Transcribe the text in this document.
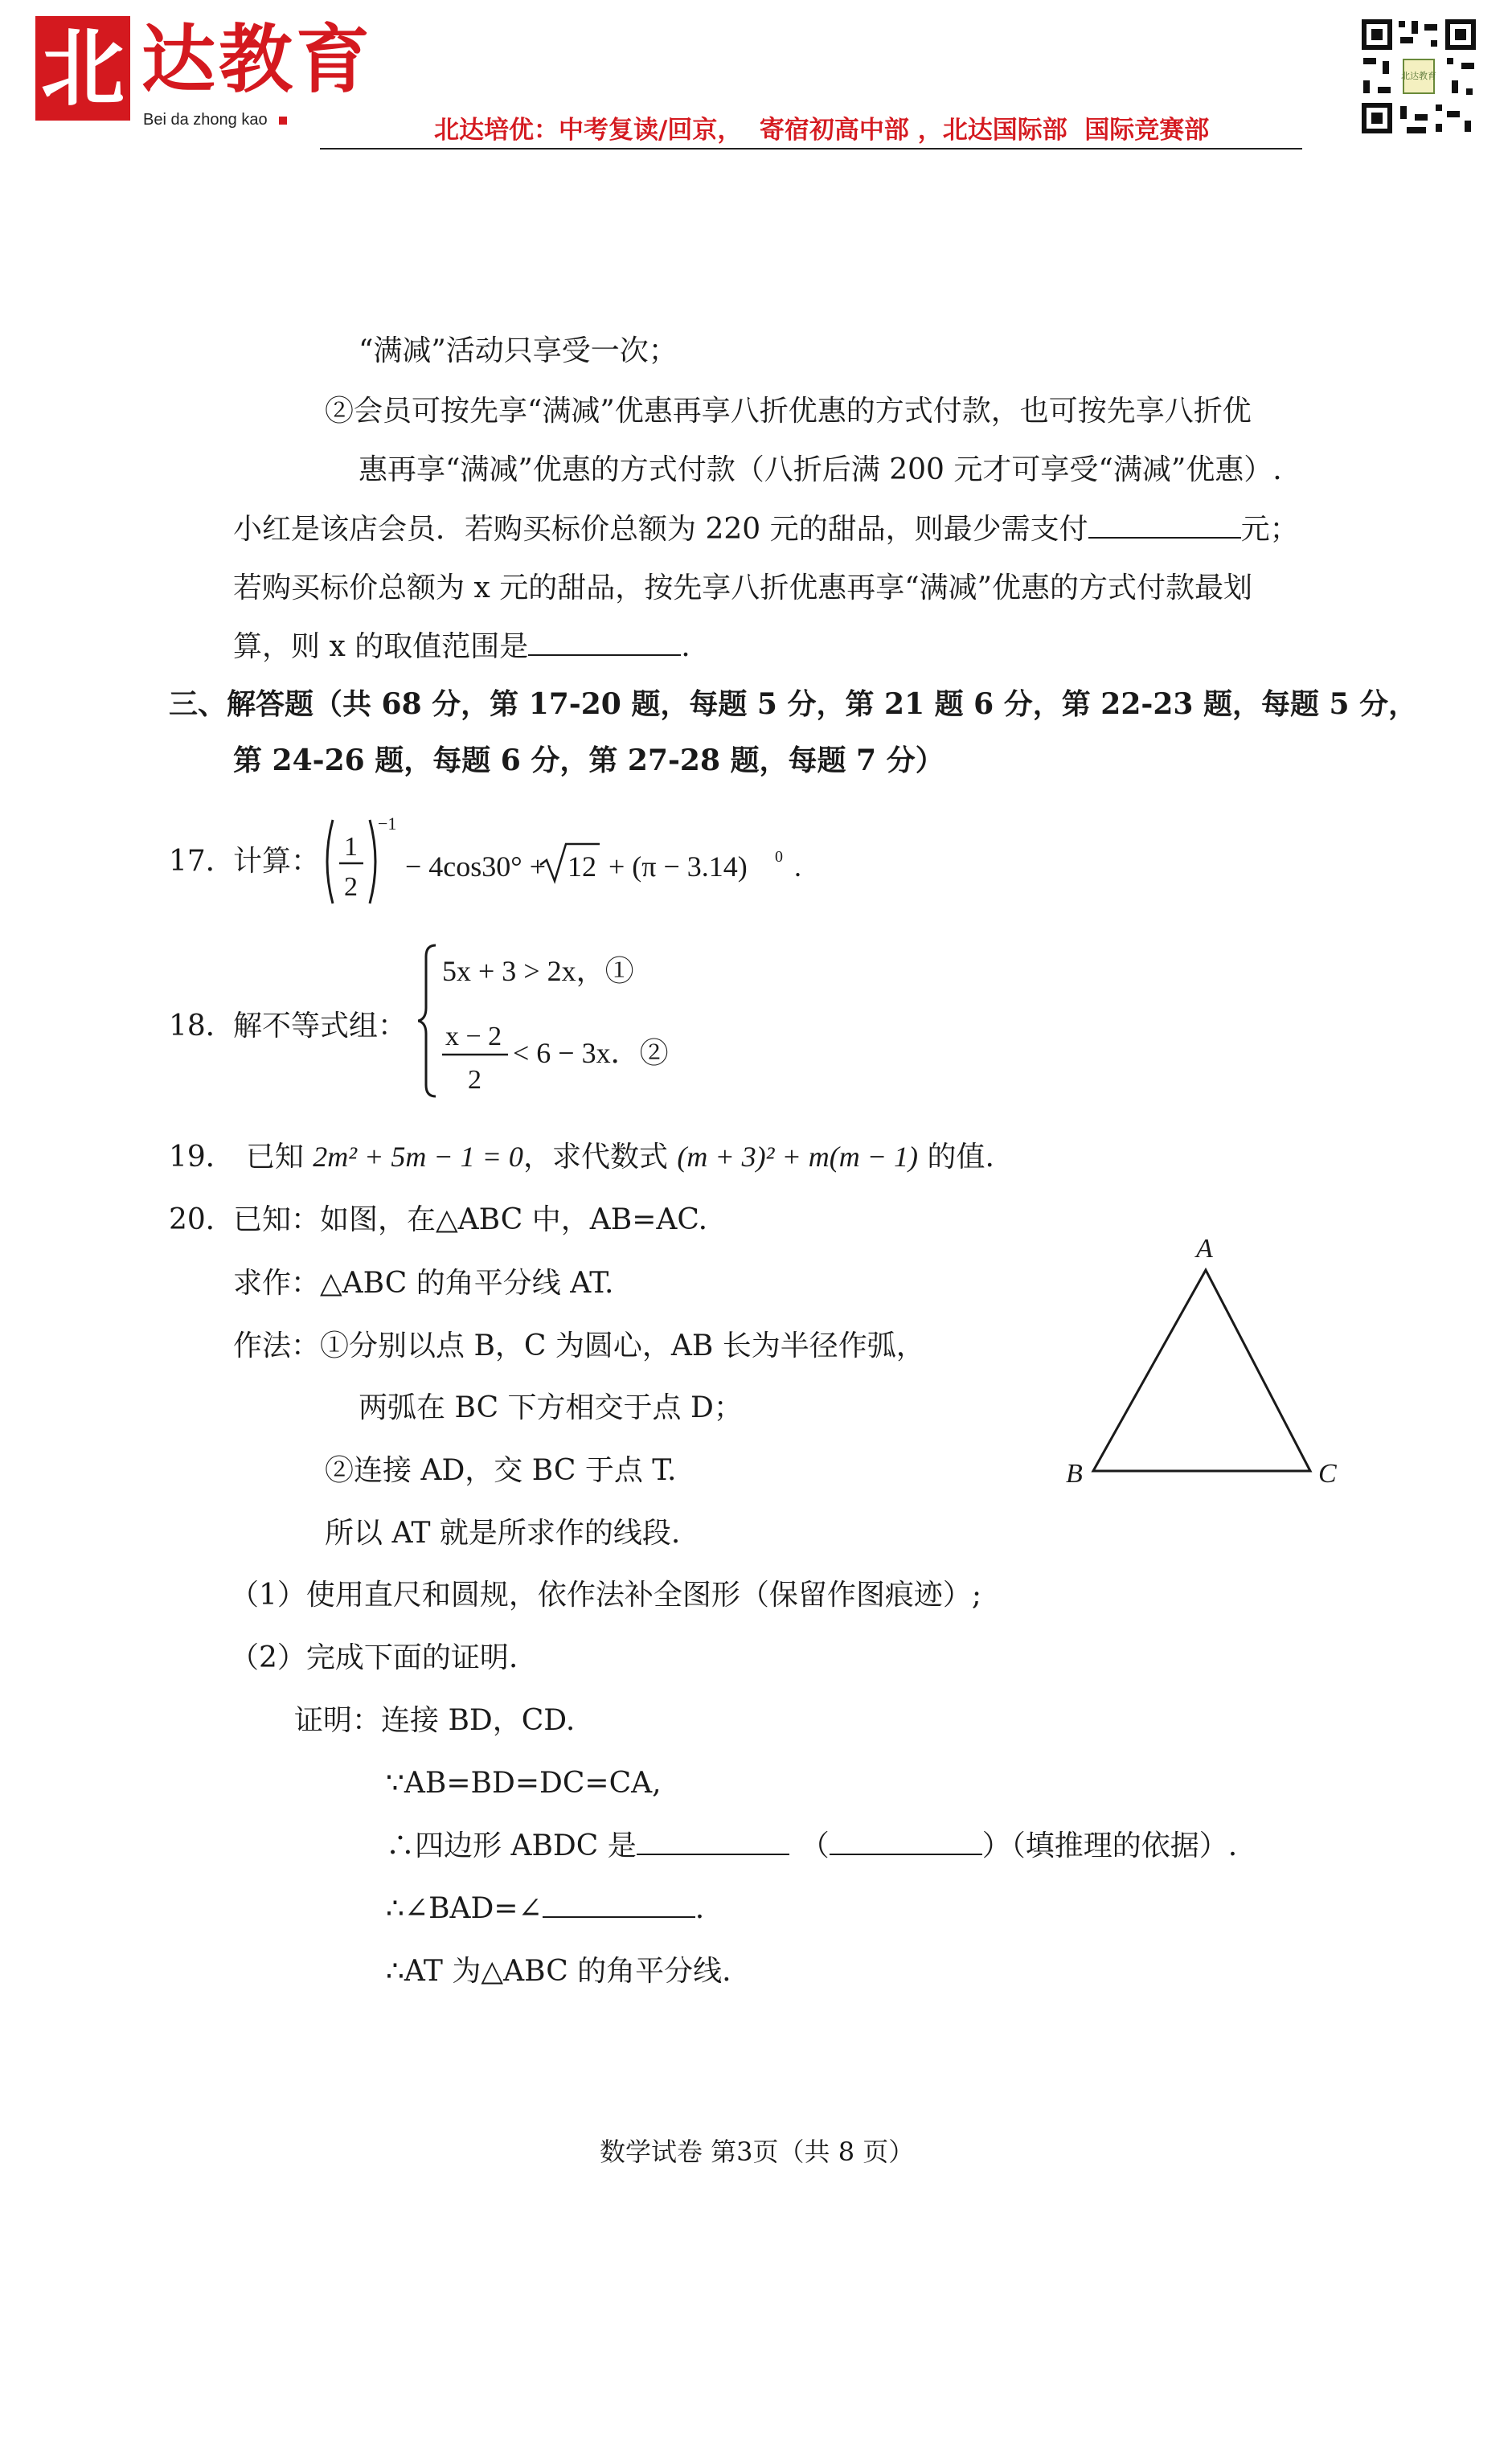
北 达教育
Bei da zhong kao	北达培优：中考复读/回京，  寄宿初高中部 ，北达国际部  国际竞赛部
北达教育
“满减”活动只享受一次；
②会员可按先享“满减”优惠再享八折优惠的方式付款，也可按先享八折优
惠再享“满减”优惠的方式付款（八折后满 200 元才可享受“满减”优惠）.
小红是该店会员．若购买标价总额为 220 元的甜品，则最少需支付	元；
若购买标价总额为 x 元的甜品，按先享八折优惠再享“满减”优惠的方式付款最划
算，则 x 的取值范围是	.
三、解答题（共 68 分，第 17-20 题，每题 5 分，第 21 题 6 分，第 22-23 题，每题 5 分，
第 24-26 题，每题 6 分，第 27-28 题，每题 7 分）
17．
计算： 1
2
−1
− 4cos30° + 12 + (π − 3.14) 0 .
18．
解不等式组：
5x + 3 > 2x，①
x − 2
2
< 6 − 3x．②
19． 已知 2m² + 5m − 1 = 0，求代数式 (m + 3)² + m(m − 1) 的值.
20．
已知：如图，在△ABC 中，AB=AC.
求作：△ABC 的角平分线 AT.
作法：①分别以点 B，C 为圆心，AB 长为半径作弧，
两弧在 BC 下方相交于点 D；
②连接 AD，交 BC 于点 T.
所以 AT 就是所求作的线段.
A
B	C
（1）使用直尺和圆规，依作法补全图形（保留作图痕迹）;
（2）完成下面的证明.
证明：连接 BD，CD.
∵AB=BD=DC=CA,
∴四边形 ABDC 是	（	）（填推理的依据）.
∴∠BAD=∠	.
∴AT 为△ABC 的角平分线.
数学试卷 第3页（共 8 页）
